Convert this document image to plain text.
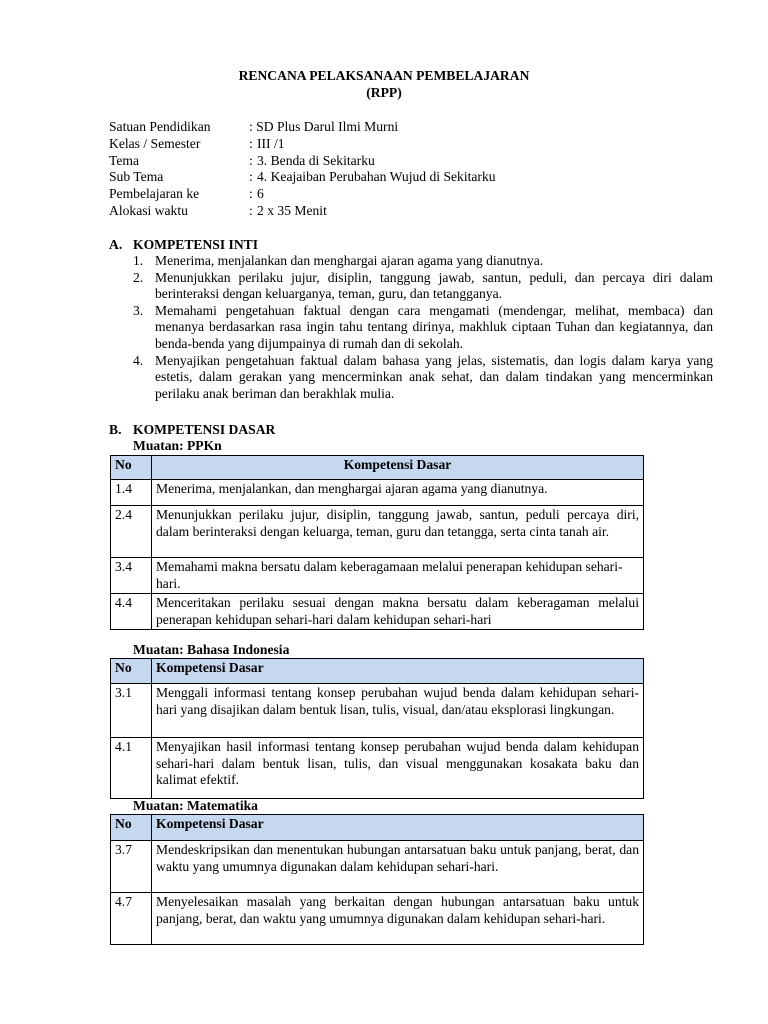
RENCANA PELAKSANAAN PEMBELAJARAN
(RPP)
Satuan Pendidikan	: SD Plus Darul Ilmi Murni
Kelas / Semester	: III /1
Tema	: 3. Benda di Sekitarku
Sub Tema	: 4. Keajaiban Perubahan Wujud di Sekitarku
Pembelajaran ke	: 6
Alokasi waktu	: 2 x 35 Menit
A. KOMPETENSI INTI
1. Menerima, menjalankan dan menghargai ajaran agama yang dianutnya.
2. Menunjukkan perilaku jujur, disiplin, tanggung jawab, santun, peduli, dan percaya diri dalam berinteraksi dengan keluarganya, teman, guru, dan tetangganya.
3. Memahami pengetahuan faktual dengan cara mengamati (mendengar, melihat, membaca) dan menanya berdasarkan rasa ingin tahu tentang dirinya, makhluk ciptaan Tuhan dan kegiatannya, dan benda-benda yang dijumpainya di rumah dan di sekolah.
4. Menyajikan pengetahuan faktual dalam bahasa yang jelas, sistematis, dan logis dalam karya yang estetis, dalam gerakan yang mencerminkan anak sehat, dan dalam tindakan yang mencerminkan perilaku anak beriman dan berakhlak mulia.
B. KOMPETENSI DASAR
Muatan: PPKn
No	Kompetensi Dasar
1.4	Menerima, menjalankan, dan menghargai ajaran agama yang dianutnya.
2.4	Menunjukkan perilaku jujur, disiplin, tanggung jawab, santun, peduli percaya diri, dalam berinteraksi dengan keluarga, teman, guru dan tetangga, serta cinta tanah air.
3.4	Memahami makna bersatu dalam keberagamaan melalui penerapan kehidupan sehari-hari.
4.4	Menceritakan perilaku sesuai dengan makna bersatu dalam keberagaman melalui penerapan kehidupan sehari-hari dalam kehidupan sehari-hari
Muatan: Bahasa Indonesia
No	Kompetensi Dasar
3.1	Menggali informasi tentang konsep perubahan wujud benda dalam kehidupan sehari-hari yang disajikan dalam bentuk lisan, tulis, visual, dan/atau eksplorasi lingkungan.
4.1	Menyajikan hasil informasi tentang konsep perubahan wujud benda dalam kehidupan sehari-hari dalam bentuk lisan, tulis, dan visual menggunakan kosakata baku dan kalimat efektif.
Muatan: Matematika
No	Kompetensi Dasar
3.7	Mendeskripsikan dan menentukan hubungan antarsatuan baku untuk panjang, berat, dan waktu yang umumnya digunakan dalam kehidupan sehari-hari.
4.7	Menyelesaikan masalah yang berkaitan dengan hubungan antarsatuan baku untuk panjang, berat, dan waktu yang umumnya digunakan dalam kehidupan sehari-hari.
